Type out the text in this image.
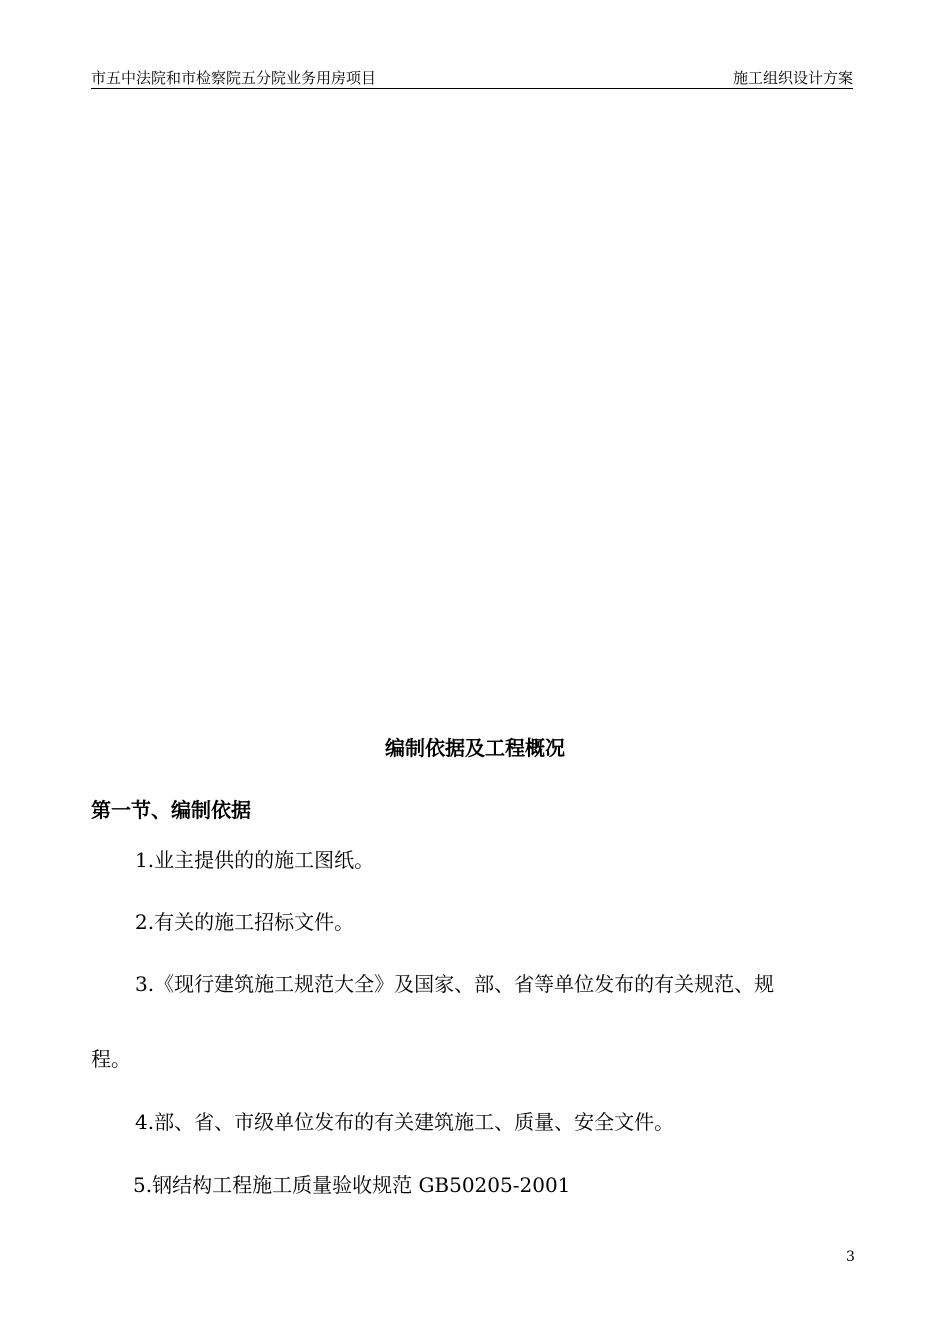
市五中法院和市检察院五分院业务用房项目	施工组织设计方案
编制依据及工程概况
第一节、编制依据
1.业主提供的的施工图纸。
2.有关的施工招标文件。
3.《现行建筑施工规范大全》及国家、部、省等单位发布的有关规范、规
程。
4.部、省、市级单位发布的有关建筑施工、质量、安全文件。
5.钢结构工程施工质量验收规范 GB50205-2001
3
